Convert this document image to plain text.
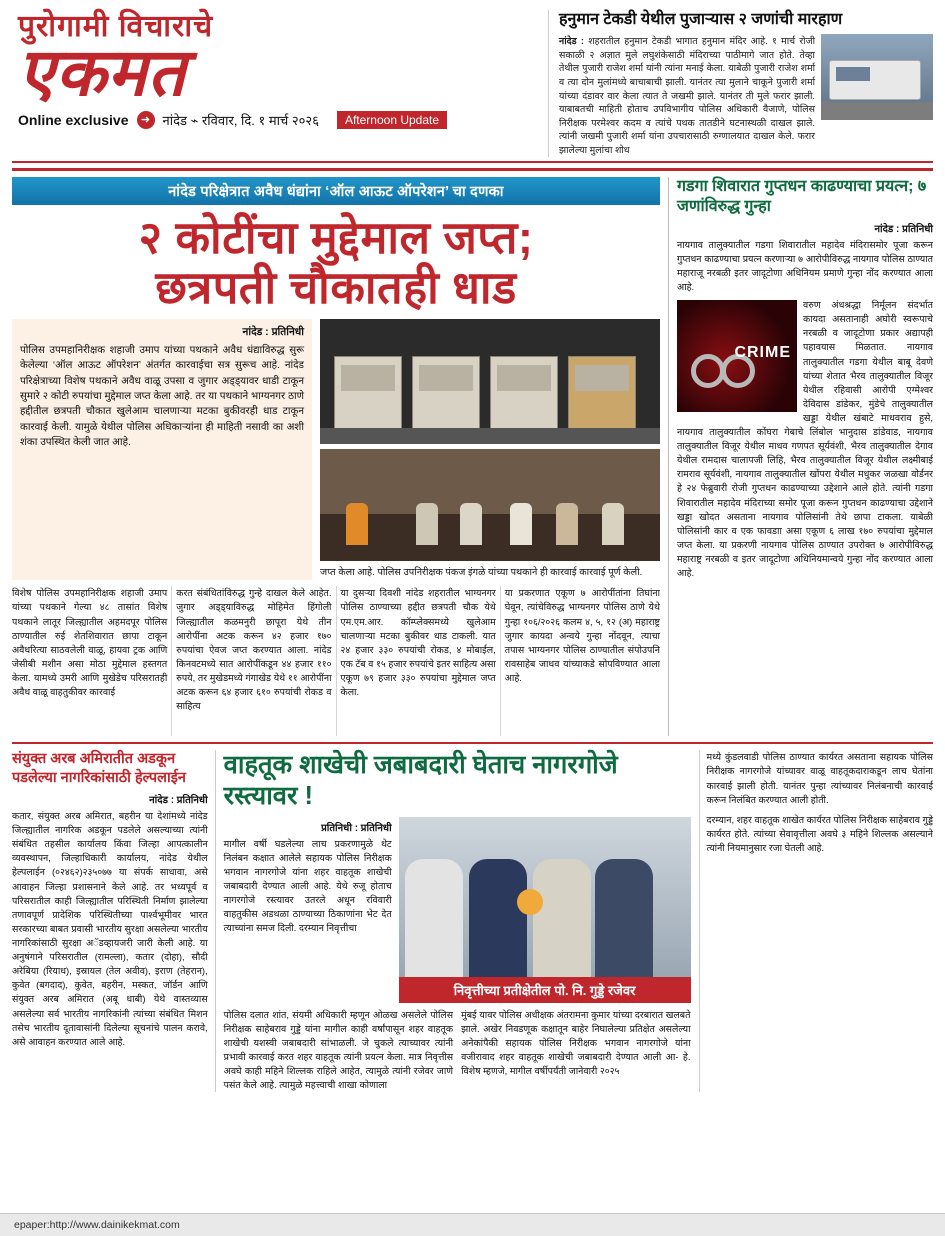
पुरोगामी विचाराचे
एकमत
Online exclusive	➜ नांदेड ⌁ रविवार, दि. १ मार्च २०२६	Afternoon Update
हनुमान टेकडी येथील पुजाऱ्यास २ जणांची मारहाण
नांदेड : शहरातील हनुमान टेकडी भागात हनुमान मंदिर आहे. १ मार्च रोजी सकाळी २ अज्ञात मुले लघुशंकेसाठी मंदिराच्या पाठीमागे जात होते. तेव्हा तेथील पुजारी राजेश शर्मा यांनी त्यांना मनाई केला. याबेळी पुजारी राजेश शर्मा व त्या दोन मुलांमध्ये बाचाबाची झाली. यानंतर त्या मुलाने चाकूने पुजारी शर्मा यांच्या दंडावर वार केला त्यात ते जखमी झाले. यानंतर ती मुले फरार झाली. याबाबतची माहिती होताच उपविभागीय पोलिस अधिकारी वैजाणे, पोलिस निरीक्षक परमेश्वर कदम व त्यांचे पथक तातडीने घटनास्थळी दाखल झाले. त्यांनी जखमी पुजारी शर्मा यांना उपचारासाठी रुग्णालयात दाखल केले. फरार झालेल्या मुलांचा शोध
नांदेड परिक्षेत्रात अवैध धंद्यांना ‘ऑल आऊट ऑपरेशन’ चा दणका
२ कोटींचा मुद्देमाल जप्त;
छत्रपती चौकातही धाड
नांदेड : प्रतिनिधी
पोलिस उपमहानिरीक्षक शहाजी उमाप यांच्या पथकाने अवैध धंद्याविरुद्ध सुरू केलेल्या ‘ऑल आऊट ऑपरेशन’ अंतर्गत कारवाईचा सत्र सुरूच आहे. नांदेड परिक्षेत्राच्या विशेष पथकाने अवैध वाळू उपसा व जुगार अड्ड्यावर धाडी टाकून सुमारे २ कोटी रुपयांचा मुद्देमाल जप्त केला आहे. तर या पथकाने भाग्यनगर ठाणे हद्दीतील छत्रपती चौकात खुलेआम चालणाऱ्या मटका बुकीवरही धाड टाकून कारवाई केली. यामुळे येथील पोलिस अधिकाऱ्यांना ही माहिती नसावी का अशी शंका उपस्थित केली जात आहे.
जप्त केला आहे. पोलिस उपनिरीक्षक पंकज इंगळे यांच्या पथकाने ही कारवाई कारवाई पूर्ण केली.

विशेष पोलिस उपमहानिरीक्षक शहाजी उमाप यांच्या पथकाने गेल्या ४८ तासांत विशेष पथकाने लातूर जिल्ह्यातील अहमदपूर पोलिस ठाण्यातील रुई शेतशिवारात छापा टाकून अवैधरित्या साठवलेली वाळू, हायवा ट्रक आणि जेसीबी मशीन असा मोठा मुद्देमाल हस्तगत केला. यामध्ये उमरी आणि मुखेडेच परिसरातही अवैध वाळू वाहतुकीवर कारवाई

करत संबंधितांविरुद्ध गुन्हे दाखल केले आहेत. जुगार अड्ड्याविरुद्ध मोहिमेत हिंगोली जिल्ह्यातील कळमनुरी छापूरा येथे तीन आरोपींना अटक करून ४२ हजार १७० रुपयांचा ऐवज जप्त करण्यात आला. नांदेड किनवटमध्ये सात आरोपींकडून ४४ हजार ११० रुपये, तर मुखेडमध्ये गंगाखेड येथे ११ आरोपींना अटक करून ६४ हजार ६१० रुपयांची रोकड व साहित्य

या दुसऱ्या दिवशी नांदेड शहरातील भाग्यनगर पोलिस ठाण्याच्या हद्दीत छत्रपती चौक येथे एम.एम.आर. कॉम्प्लेक्समध्ये खुलेआम चालणाऱ्या मटका बुकीवर धाड टाकली. यात २४ हजार ३३० रुपयांची रोकड, ४ मोबाईल, एक टॅब व १५ हजार रुपयांचे इतर साहित्य असा एकूण ७९ हजार ३३० रुपयांचा मुद्देमाल जप्त केला.

या प्रकरणात एकूण ७ आरोपींतांना तिघांना घेवून, त्यांचेविरुद्ध भाग्यनगर पोलिस ठाणे येथे गुन्हा १०६/२०२६ कलम ४, ५, १२ (अ) महाराष्ट्र जुगार कायदा अन्वये गुन्हा नोंदवून, त्याचा तपास भाग्यनगर पोलिस ठाण्यातील संपोउपनि रावसाहेब जाधव यांच्याकडे सोपविण्यात आला आहे.

गडगा शिवारात गुप्तधन काढण्याचा प्रयत्न; ७ जणांविरुद्ध गुन्हा
नांदेड : प्रतिनिधी
नायगाव तालुक्यातील गडगा शिवारातील महादेव मंदिरासमोर पूजा करून गुप्तधन काढण्याचा प्रयत्न करणाऱ्या ७ आरोपीविरुद्ध नायगाव पोलिस ठाण्यात महाराजू नरबळी इतर जादूटोणा अधिनियम प्रमाणे गुन्हा नोंद करण्यात आला आहे.
CRIME
वरुण अंधश्रद्धा निर्मूलन संदर्भात कायदा असतानाही अघोरी स्वरूपाचे नरबळी व जादूटोणा प्रकार अद्यापही पहावयास मिळतात. नायगाव तालुक्यातील गडगा येथील बाबू देवणे यांच्या शेतात भैरव तालुक्यातील विजूर येथील रहिवासी आरोपी एग्मेश्वर देविदास डांडेकर, मुंडेचे तालुक्यातील खड्डा येथील खंबाटे माधवराव हुसे, नायगाव तालुक्यातील कोंघरा गेबाचे लिंबोल भानुदास डांडेवाड, नायगाव तालुक्यातील विजूर येथील माधव गणपत सूर्यवंशी, भैरव तालुक्यातील देगाव येथील रामदास चालापजी लिहि, भैरव तालुक्यातील विजूर येथील लक्ष्मीबाई रामराव सूर्यवंशी, नायगाव तालुक्यातील खोंपरा येथील मधुकर जळखा वोर्डनर हे २४ फेब्रुवारी रोजी गुप्तधन काढण्याच्या उद्देशाने आले होते. त्यांनी गडगा शिवारातील महादेव मंदिराच्या समोर पूजा करून गुप्तधन काढण्याचा उद्देशाने खड्डा खोदत असताना नायगाव पोलिसांनी तेथे छापा टाकला. याबेळी पोलिसांनी कार व एक फावडाा असा एकूण ६ लाख १७० रुपयांचा मुद्देमाल जप्त केला. या प्रकरणी नायगाव पोलिस ठाण्यात उपरोक्त ७ आरोपीविरुद्ध महाराष्ट्र नरबळी व इतर जादूटोणा अधिनियमान्वये गुन्हा नोंद करण्यात आला आहे.
संयुक्त अरब अमिरातीत अडकून पडलेल्या नागरिकांसाठी हेल्पलाईन
नांदेड : प्रतिनिधी
कतार, संयुक्त अरब अमिरात, बहरीन या देशांमध्ये नांदेड जिल्ह्यातील नागरिक अडकून पडलेले असल्याच्या त्यांनी संबंधित तहसील कार्यालय किंवा जिल्हा आपत्कालीन व्यवस्थापन, जिल्हाधिकारी कार्यालय, नांदेड येथील हेल्पलाईन (०२४६२)२३५०७७ या संपर्क साधावा, असे आवाहन जिल्हा प्रशासनाने केले आहे. तर भध्यपूर्व व परिसरातील काही जिल्ह्यातील परिस्थिती निर्माण झालेल्या तणावपूर्ण प्रादेशिक परिस्थितीच्या पार्श्वभूमीवर भारत सरकारच्या बाबत प्रवासी भारतीय सुरक्षा असलेल्या भारतीय नागरिकांसाठी सुरक्षा अॅडव्हायजरी जारी केली आहे. या अनुषंगाने परिसरातील (रामल्ला), कतार (दोहा), सौदी अरेबिया (रियाध), इस्रायल (तेल अवीव), इराण (तेहरान), कुवेत (बगदाद), कुवेत, बहरीन, मस्कत, जॉर्डन आणि संयुक्त अरब अमिरात (अबू धाबी) येथे वास्तव्यास असलेल्या सर्व भारतीय नागरिकांनी त्यांच्या संबंधित मिशन तसेच भारतीय दूतावासांनी दिलेल्या सूचनांचे पालन करावे, असे आवाहन करण्यात आले आहे.
वाहतूक शाखेची जबाबदारी घेताच नागरगोजे रस्त्यावर !
प्रतिनिधी : प्रतिनिधी
मागील वर्षी घडलेल्या लाच प्रकरणामुळे थेट निलंबन कक्षात आलेले सहायक पोलिस निरीक्षक भगवान नागरगोजे यांना शहर वाहतूक शाखेची जबाबदारी देण्यात आली आहे. येथे रुजू होताच नागरगोजे रस्त्यावर उतरले अधून रविवारी वाहतुकीस अडथळा ठाण्याच्या ठिकाणांना भेट देत त्याच्यांना समज दिली. दरम्यान निवृत्तीचा
निवृत्तीच्या प्रतीक्षेतील पो. नि. गुड्डे रजेवर
पोलिस दलात शांत, संयमी अधिकारी म्हणून ओळख असलेले पोलिस निरीक्षक साहेबराव गुड्डे यांना मागील काही वर्षांपासून शहर वाहतूक शाखेची यशस्वी जबाबदारी सांभाळली. जे चुकले त्याच्यावर त्यांनी प्रभावी कारवाई करत शहर वाहतूक त्यांनी प्रयत्न केला. मात्र निवृत्तीस अवघे काही महिने शिल्लक राहिले आहेत, त्यामुळे त्यांनी रजेवर जाणे पसंत केले आहे. त्यामुळे महत्त्वाची शाखा कोणाला
मुंबई यावर पोलिस अधीक्षक अंतरामना कुमार यांच्या दरबारात खलबते झाले. अखेर निवडणूक कक्षातून बाहेर निघालेल्या प्रतिक्षेत असलेल्या अनेकांपैकी सहायक पोलिस निरीक्षक भगवान नागरगोजे यांना वजीरावाद शहर वाहतूक शाखेची जबाबदारी देण्यात आली आ- हे. विशेष म्हणजे, मागील वर्षीपर्यंती जानेवारी २०२५
मध्ये कुंडलवाडी पोलिस ठाण्यात कार्यरत असताना सहायक पोलिस निरीक्षक नागरगोजे यांच्यावर वाळू वाहतूकदाराकडून लाच घेतांना कारवाई झाली होती. यानंतर पुन्हा त्यांच्यावर निलंबनाची कारवाई करून निलंबित करण्यात आली होती.
दरम्यान, शहर वाहतूक शाखेत कार्यरत पोलिस निरीक्षक साहेबराव गुड्डे कार्यरत होते. त्यांच्या सेवावृत्तीला अवघे ३ महिने शिल्लक असल्याने त्यांनी नियमानुसार रजा घेतली आहे.
epaper:http://www.dainikekmat.com
